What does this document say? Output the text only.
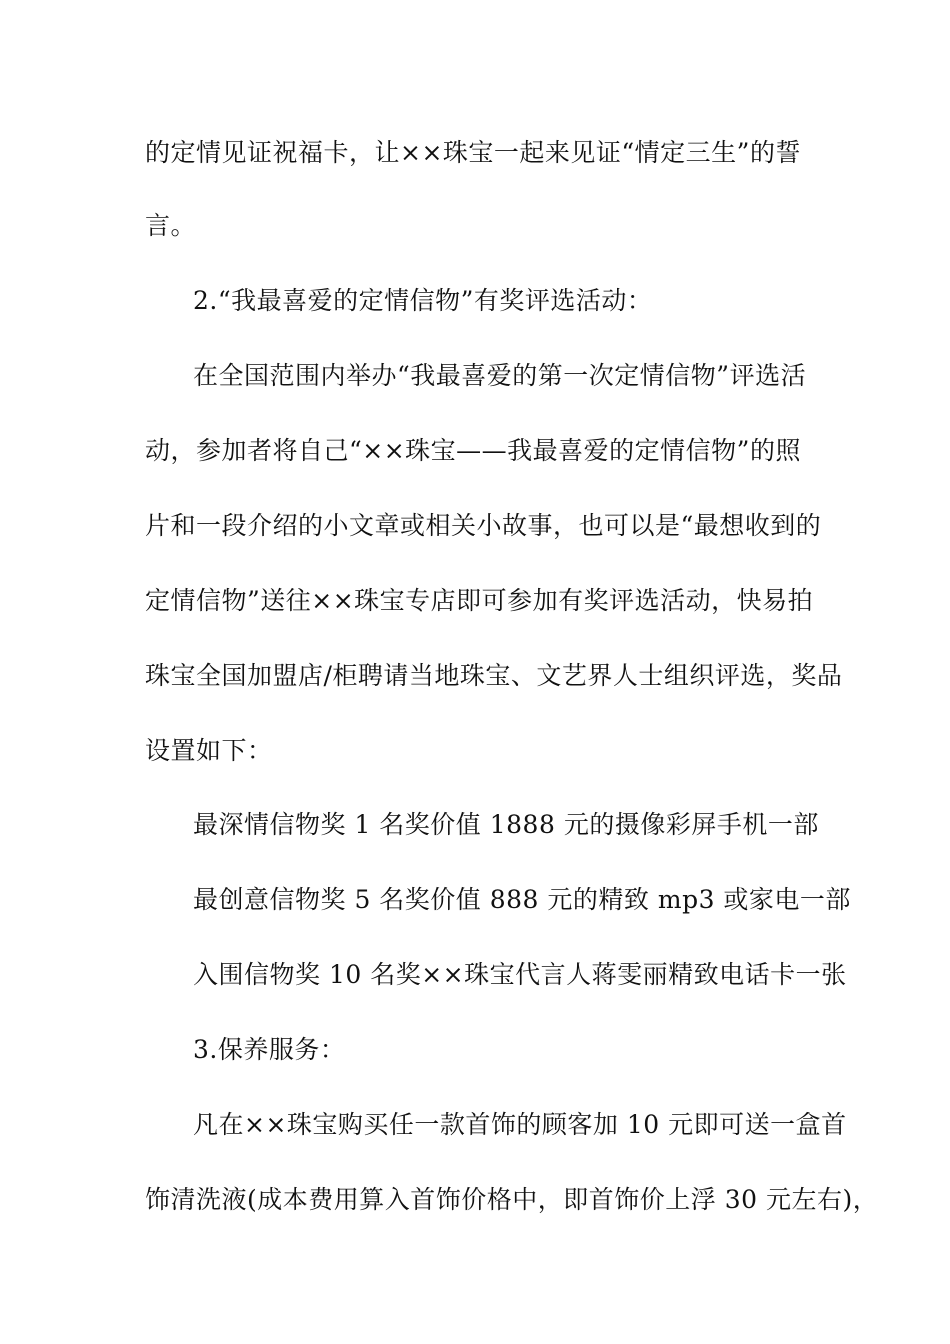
的定情见证祝福卡，让××珠宝一起来见证“情定三生”的誓
言。
2.“我最喜爱的定情信物”有奖评选活动：
在全国范围内举办“我最喜爱的第一次定情信物”评选活
动，参加者将自己“××珠宝——我最喜爱的定情信物”的照
片和一段介绍的小文章或相关小故事，也可以是“最想收到的
定情信物”送往××珠宝专店即可参加有奖评选活动，快易拍
珠宝全国加盟店/柜聘请当地珠宝、文艺界人士组织评选，奖品
设置如下：
最深情信物奖 1 名奖价值 1888 元的摄像彩屏手机一部
最创意信物奖 5 名奖价值 888 元的精致 mp3 或家电一部
入围信物奖 10 名奖××珠宝代言人蒋雯丽精致电话卡一张
3.保养服务：
凡在××珠宝购买任一款首饰的顾客加 10 元即可送一盒首
饰清洗液(成本费用算入首饰价格中，即首饰价上浮 30 元左右)，
